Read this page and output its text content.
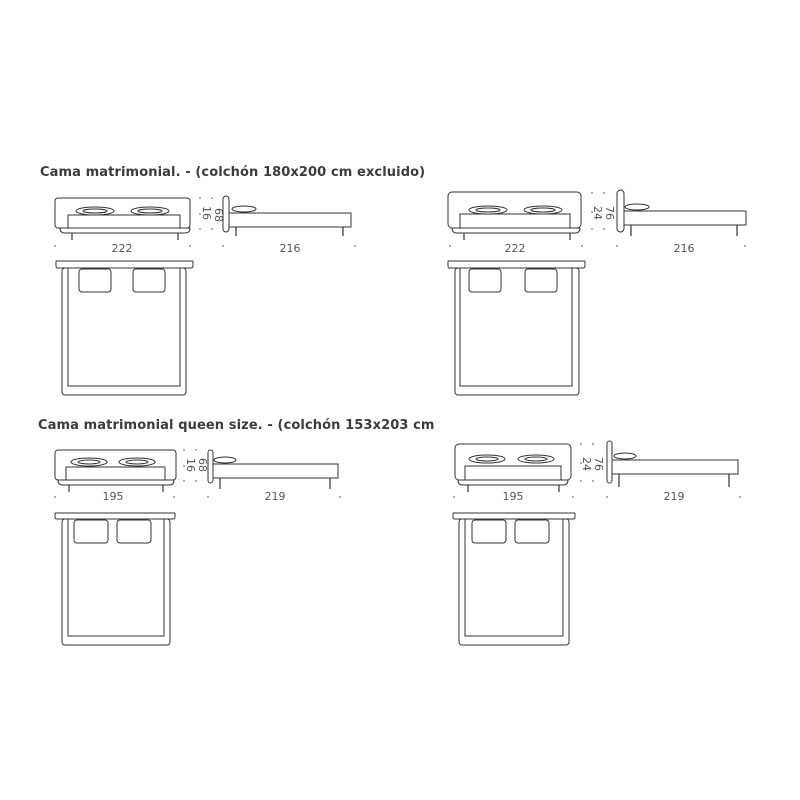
Cama matrimonial. - (colchón 180x200 cm excluido)
Cama matrimonial queen size. - (colchón 153x203 cm
222	216
16 68
222	216
24 76
195	219
16 68
195	219
24 76
